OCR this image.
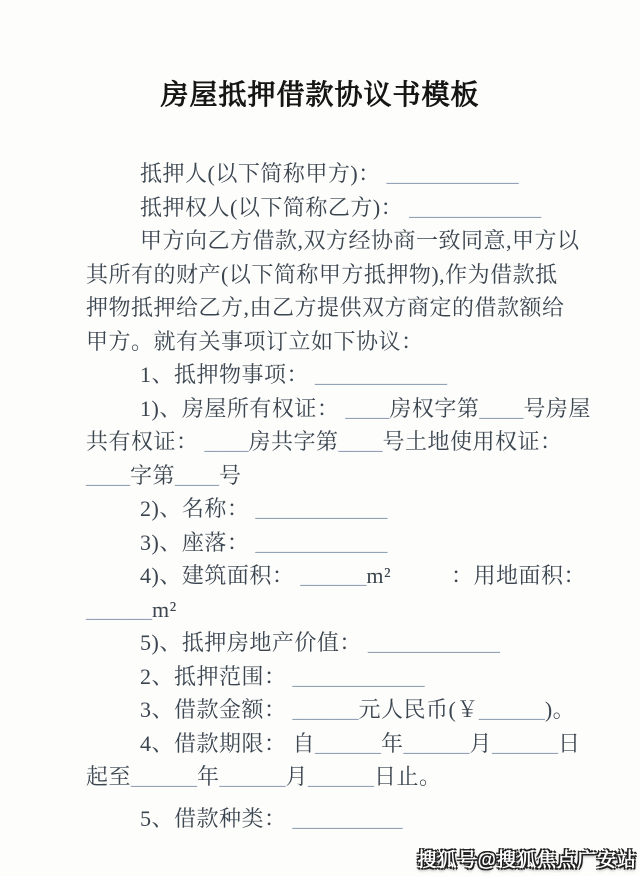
房屋抵押借款协议书模板
抵押人(以下简称甲方)： ____________
抵押权人(以下简称乙方)： ____________
甲方向乙方借款,双方经协商一致同意,甲方以
其所有的财产(以下简称甲方抵押物),作为借款抵
押物抵押给乙方,由乙方提供双方商定的借款额给
甲方。就有关事项订立如下协议：
1、抵押物事项： ____________
1)、房屋所有权证： ____房权字第____号房屋
共有权证： ____房共字第____号土地使用权证：
____字第____号
2)、名称： ____________
3)、座落： ____________
4)、建筑面积： ______m²          ：用地面积：
______m²
5)、抵押房地产价值： ____________
2、抵押范围： ____________
3、借款金额： ______元人民币(￥______)。
4、借款期限： 自______年______月______日
起至______年______月______日止。
5、借款种类： __________
搜狐号@搜狐焦点广安站
